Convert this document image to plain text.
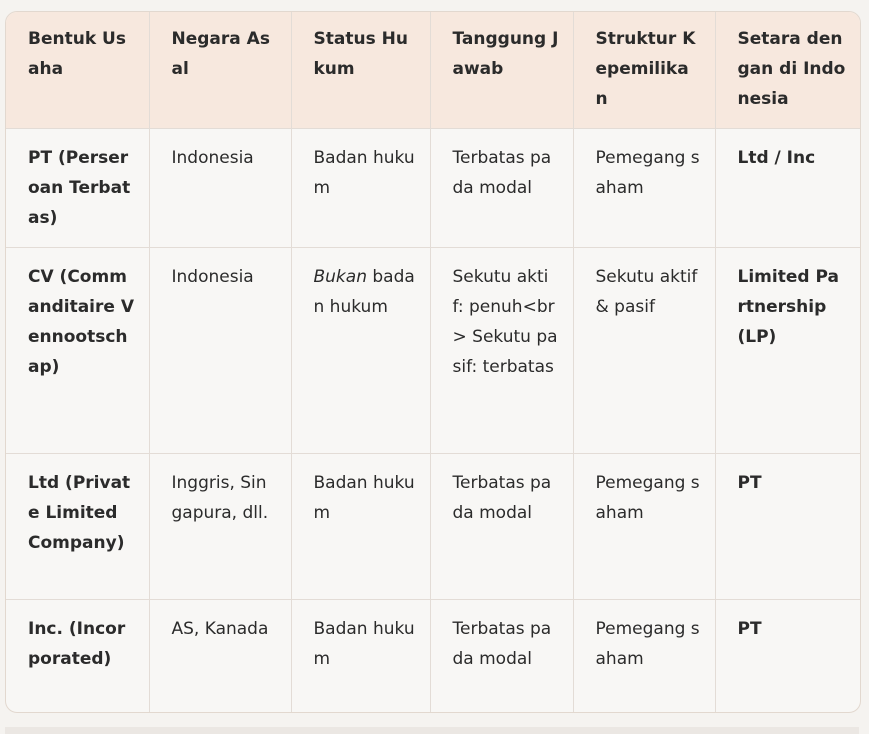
Bentuk Usaha	Negara Asal	Status Hukum	Tanggung Jawab	Struktur Kepemilikan	Setara dengan di Indonesia
PT (Perseroan Terbatas)	Indonesia	Badan hukum	Terbatas pada modal	Pemegang saham	Ltd / Inc
CV (Commanditaire Vennootschap)	Indonesia	Bukan badan hukum	Sekutu aktif: penuh<br> Sekutu pasif: terbatas	Sekutu aktif & pasif	Limited Partnership (LP)
Ltd (Private Limited Company)	Inggris, Singapura, dll.	Badan hukum	Terbatas pada modal	Pemegang saham	PT
Inc. (Incorporated)	AS, Kanada	Badan hukum	Terbatas pada modal	Pemegang saham	PT
